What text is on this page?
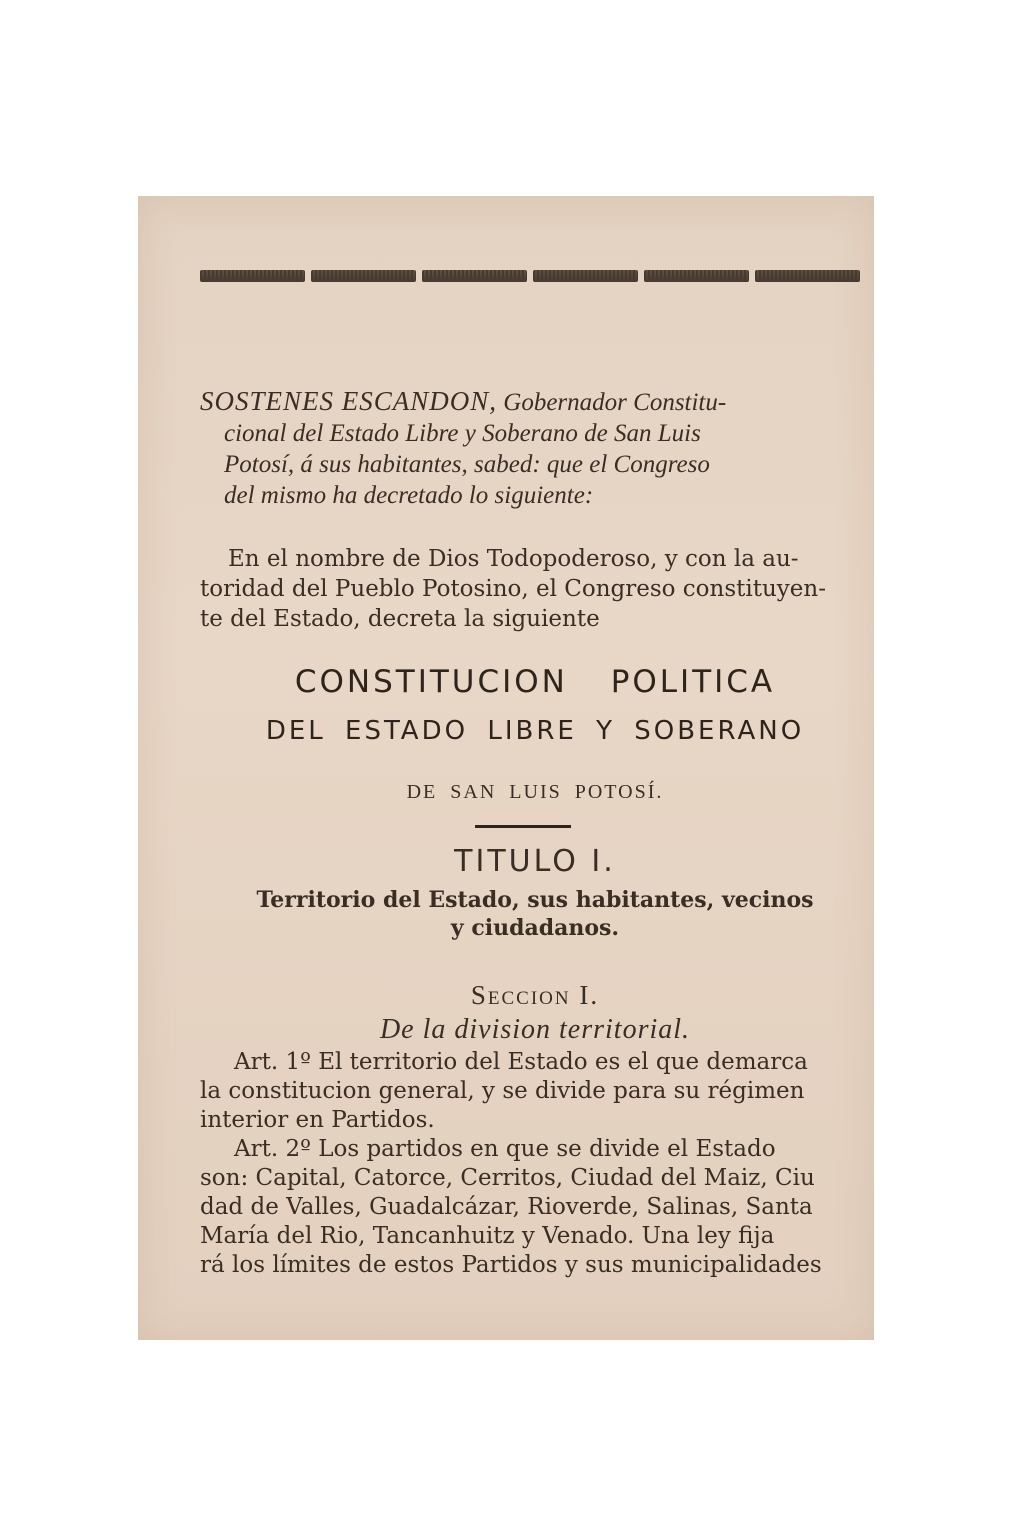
SOSTENES ESCANDON, Gobernador Constitu-
cional del Estado Libre y Soberano de San Luis
Potosí, á sus habitantes, sabed: que el Congreso
del mismo ha decretado lo siguiente:
En el nombre de Dios Todopoderoso, y con la au-
toridad del Pueblo Potosino, el Congreso constituyen-
te del Estado, decreta la siguiente
CONSTITUCION POLITICA
DEL ESTADO LIBRE Y SOBERANO
DE SAN LUIS POTOSÍ.
TITULO I.
Territorio del Estado, sus habitantes, vecinos
y ciudadanos.
Seccion I.
De la division territorial.
Art. 1º El territorio del Estado es el que demarca
la constitucion general, y se divide para su régimen
interior en Partidos.
Art. 2º Los partidos en que se divide el Estado
son: Capital, Catorce, Cerritos, Ciudad del Maiz, Ciu
dad de Valles, Guadalcázar, Rioverde, Salinas, Santa
María del Rio, Tancanhuitz y Venado. Una ley fija
rá los límites de estos Partidos y sus municipalidades
